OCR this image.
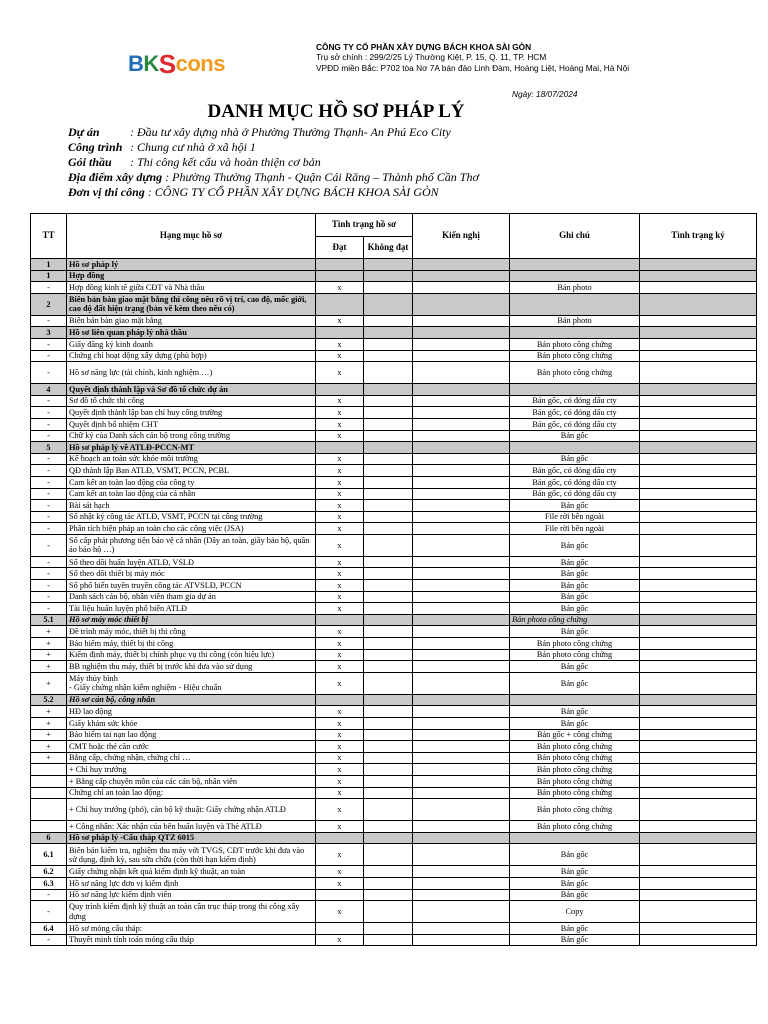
B K S cons
CÔNG TY CỔ PHẦN XÂY DỰNG BÁCH KHOA SÀI GÒN
Trụ sở chính : 299/2/25 Lý Thường Kiệt, P. 15, Q. 11, TP. HCM
VPĐD miền Bắc: P702 tòa Nơ 7A bán đảo Linh Đàm, Hoàng Liệt, Hoàng Mai, Hà Nội
Ngày: 18/07/2024
DANH MỤC HỒ SƠ PHÁP LÝ
Dự án	: Đầu tư xây dựng nhà ở Phường Thường Thạnh- An Phú Eco City
Công trình : Chung cư nhà ở xã hội 1
Gói thầu : Thi công kết cấu và hoàn thiện cơ bản
Địa điểm xây dựng : Phường Thường Thạnh - Quận Cái Răng – Thành phố Cần Thơ
Đơn vị thi công : CÔNG TY CỔ PHẦN XÂY DỰNG BÁCH KHOA SÀI GÒN
TT	Hạng mục hồ sơ	Tình trạng hồ sơ		Kiến nghị	Ghi chú	Tình trạng ký
		Đạt	Không đạt			
1	Hồ sơ pháp lý					
1	Hợp đồng					
-	Hợp đồng kinh tế giữa CĐT và Nhà thầu	x			Bản photo	
2	Biên bản bàn giao mặt bằng thi công nêu rõ vị trí, cao độ, mốc giới, cao độ đất hiện trạng (bản vẽ kèm theo nếu có)					
-	Biên bản bàn giao mặt bằng	x			Bản photo	
3	Hồ sơ liên quan pháp lý nhà thầu					
-	Giấy đăng ký kinh doanh	x			Bản photo công chứng	
-	Chứng chỉ hoạt động xây dựng (phù hợp)	x			Bản photo công chứng	
-	Hồ sơ năng lực (tài chính, kinh nghiệm …)	x			Bản photo công chứng	
4	Quyết định thành lập và Sơ đồ tổ chức dự án					
-	Sơ đồ tổ chức thi công	x			Bản gốc, có đóng dấu cty	
-	Quyết định thành lập ban chỉ huy công trường	x			Bản gốc, có đóng dấu cty	
-	Quyết định bổ nhiệm CHT	x			Bản gốc, có đóng dấu cty	
-	Chữ ký của Danh sách cán bộ trong công trường	x			Bản gốc	
5	Hồ sơ pháp lý về ATLĐ-PCCN-MT					
-	Kế hoạch an toàn sức khỏe môi trường	x			Bản gốc	
-	QĐ thành lập Ban ATLĐ, VSMT, PCCN, PCBL	x			Bản gốc, có đóng dấu cty	
-	Cam kết an toàn lao động của công ty	x			Bản gốc, có đóng dấu cty	
-	Cam kết an toàn lao động của cá nhân	x			Bản gốc, có đóng dấu cty	
-	Bài sát hạch	x			Bản gốc	
-	Sổ nhật ký công tác ATLĐ, VSMT, PCCN tại công trường	x			File rời bên ngoài	
-	Phân tích biện pháp an toàn cho các công việc (JSA)	x			File rời bên ngoài	
-	Sổ cấp phát phương tiện bảo vệ cá nhân (Dây an toàn, giầy bảo hộ, quần áo bảo hộ …)	x			Bản gốc	
-	Sổ theo dõi huấn luyện ATLĐ, VSLĐ	x			Bản gốc	
-	Sổ theo dõi thiết bị máy móc	x			Bản gốc	
-	Sổ phổ biến tuyên truyền công tác ATVSLĐ, PCCN	x			Bản gốc	
-	Danh sách cán bộ, nhân viên tham gia dự án	x			Bản gốc	
-	Tài liệu huấn luyện phổ biến ATLĐ	x			Bản gốc	
5.1	Hồ sơ máy móc thiết bị				Bản photo công chứng	
+	Đề trình máy móc, thiết bị thi công	x			Bản gốc	
+	Bảo hiểm máy, thiết bị thi công	x			Bản photo công chứng	
+	Kiểm định máy, thiết bị chính phục vụ thi công (còn hiệu lực)	x			Bản photo công chứng	
+	BB nghiệm thu máy, thiết bị trước khi đưa vào sử dụng	x			Bản gốc	
+	Máy thủy bình
- Giấy chứng nhận kiểm nghiệm - Hiệu chuẩn	x			Bản gốc	
5.2	Hồ sơ cán bộ, công nhân					
+	HĐ lao động	x			Bản gốc	
+	Giấy khám sức khỏe	x			Bản gốc	
+	Bảo hiểm tai nạn lao động	x			Bản gốc + công chứng	
+	CMT hoặc thẻ căn cước	x			Bản photo công chứng	
+	Bằng cấp, chứng nhận, chứng chỉ …	x			Bản photo công chứng	
	+ Chỉ huy trưởng	x			Bản photo công chứng	
	+ Bằng cấp chuyên môn của các cán bộ, nhân viên	x			Bản photo công chứng	
	Chứng chỉ an toàn lao động:	x			Bản photo công chứng	
	+ Chỉ huy trưởng (phó), cán bộ kỹ thuật: Giấy chứng nhận ATLĐ	x			Bản photo công chứng	
	+ Công nhân: Xác nhận của bên huấn luyện và Thẻ ATLĐ	x			Bản photo công chứng	
6	Hồ sơ pháp lý -Cẩu tháp QTZ 6015					
6.1	Biên bản kiểm tra, nghiệm thu máy với TVGS, CĐT trước khi đưa vào sử dụng, định kỳ, sau sửa chữa (còn thời hạn kiểm định)	x			Bản gốc	
6.2	Giấy chứng nhận kết quả kiểm định kỹ thuật, an toàn	x			Bản gốc	
6.3	Hồ sơ năng lực đơn vị kiểm định	x			Bản gốc	
-	Hồ sơ năng lực kiểm định viên				Bản gốc	
-	Quy trình kiểm định kỹ thuật an toàn cần trục tháp trong thi công xây dựng	x			Copy	
6.4	Hồ sơ móng cẩu tháp:				Bản gốc	
-	Thuyết minh tính toán móng cẩu tháp	x			Bản gốc	
